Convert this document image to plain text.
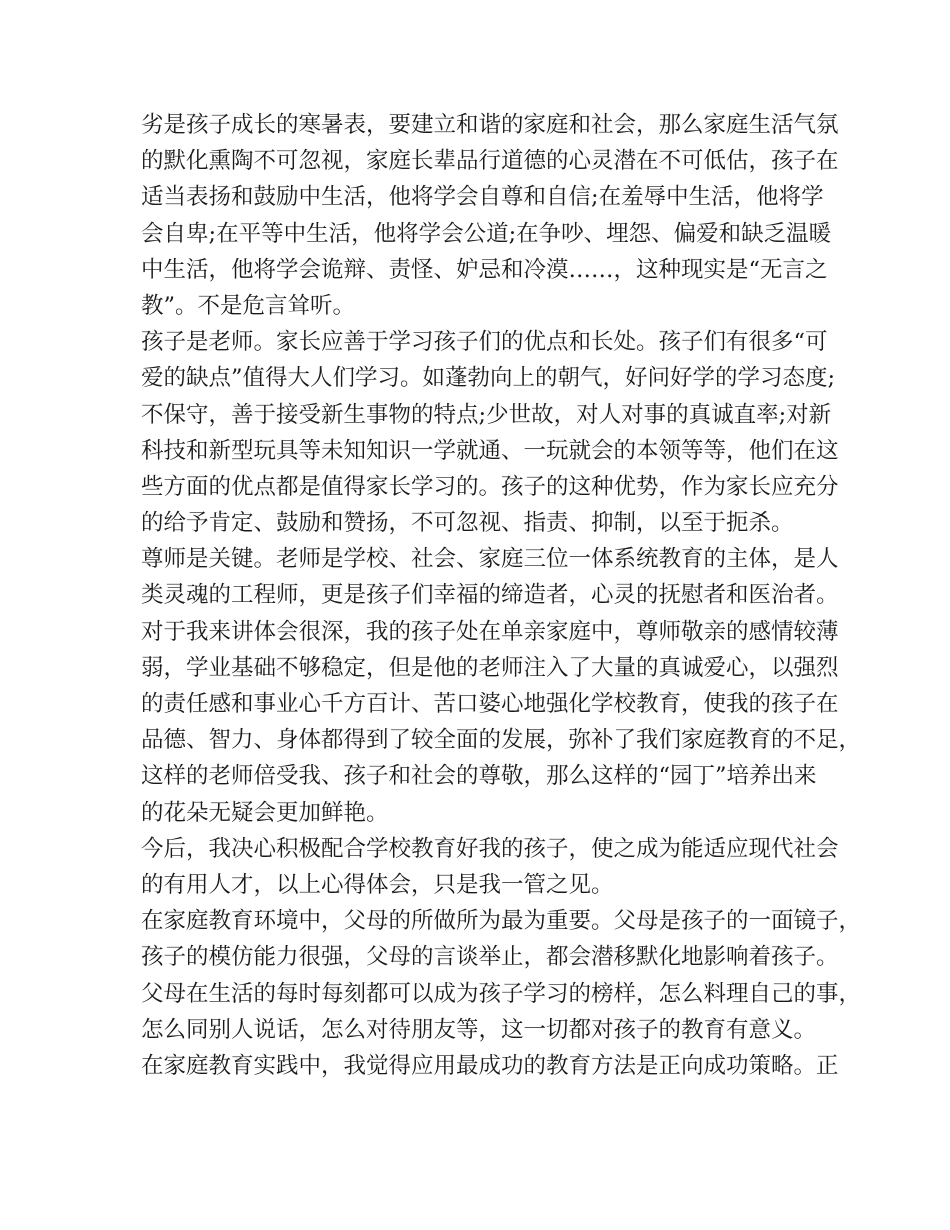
劣是孩子成长的寒暑表，要建立和谐的家庭和社会，那么家庭生活气氛
的默化熏陶不可忽视，家庭长辈品行道德的心灵潜在不可低估，孩子在
适当表扬和鼓励中生活，他将学会自尊和自信;在羞辱中生活，他将学
会自卑;在平等中生活，他将学会公道;在争吵、埋怨、偏爱和缺乏温暖
中生活，他将学会诡辩、责怪、妒忌和冷漠……，这种现实是“无言之
教”。不是危言耸听。
孩子是老师。家长应善于学习孩子们的优点和长处。孩子们有很多“可
爱的缺点”值得大人们学习。如蓬勃向上的朝气，好问好学的学习态度;
不保守，善于接受新生事物的特点;少世故，对人对事的真诚直率;对新
科技和新型玩具等未知知识一学就通、一玩就会的本领等等，他们在这
些方面的优点都是值得家长学习的。孩子的这种优势，作为家长应充分
的给予肯定、鼓励和赞扬，不可忽视、指责、抑制，以至于扼杀。
尊师是关键。老师是学校、社会、家庭三位一体系统教育的主体，是人
类灵魂的工程师，更是孩子们幸福的缔造者，心灵的抚慰者和医治者。
对于我来讲体会很深，我的孩子处在单亲家庭中，尊师敬亲的感情较薄
弱，学业基础不够稳定，但是他的老师注入了大量的真诚爱心，以强烈
的责任感和事业心千方百计、苦口婆心地强化学校教育，使我的孩子在
品德、智力、身体都得到了较全面的发展，弥补了我们家庭教育的不足，
这样的老师倍受我、孩子和社会的尊敬，那么这样的“园丁”培养出来
的花朵无疑会更加鲜艳。
今后，我决心积极配合学校教育好我的孩子，使之成为能适应现代社会
的有用人才，以上心得体会，只是我一管之见。
在家庭教育环境中，父母的所做所为最为重要。父母是孩子的一面镜子，
孩子的模仿能力很强，父母的言谈举止，都会潜移默化地影响着孩子。
父母在生活的每时每刻都可以成为孩子学习的榜样，怎么料理自己的事，
怎么同别人说话，怎么对待朋友等，这一切都对孩子的教育有意义。
在家庭教育实践中，我觉得应用最成功的教育方法是正向成功策略。正
